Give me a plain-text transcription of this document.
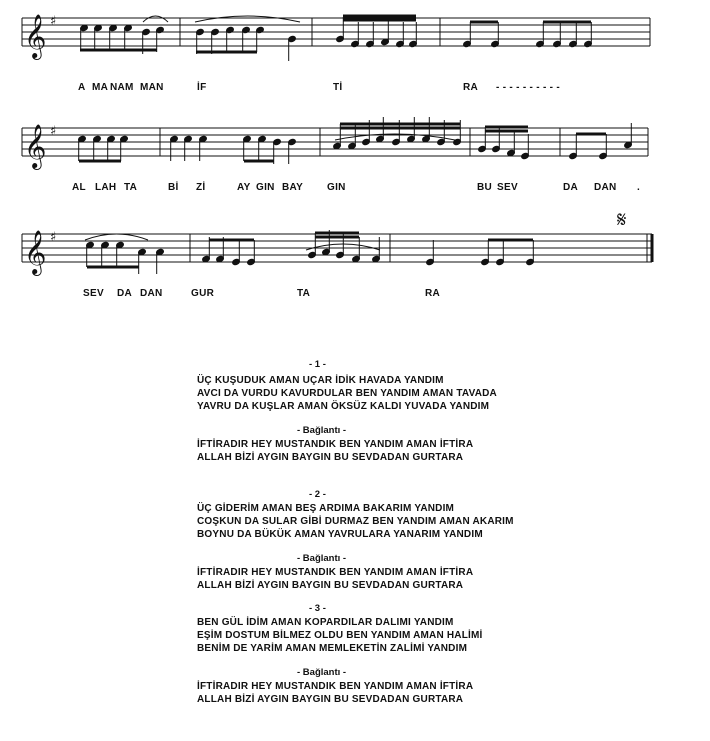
𝄞
𝄞
𝄞
♯
♯
♯
𝄋
A MA NAM MAN	İF	Tİ	RA - - - - - - - - - -
AL LAH TA	Bİ Zİ	AY GIN BAY GIN	BU SEV	DA DAN .
SEV DA DAN	GUR	TA	RA
- 1 -
ÜÇ KUŞUDUK AMAN UÇAR İDİK HAVADA YANDIM
AVCI DA VURDU KAVURDULAR BEN YANDIM AMAN TAVADA
YAVRU DA KUŞLAR AMAN ÖKSÜZ KALDI YUVADA YANDIM
- Bağlantı -
İFTİRADIR HEY MUSTANDIK BEN YANDIM AMAN İFTİRA
ALLAH BİZİ AYGIN BAYGIN BU SEVDADAN GURTARA
- 2 -
ÜÇ GİDERİM AMAN BEŞ ARDIMA BAKARIM YANDIM
COŞKUN DA SULAR GİBİ DURMAZ BEN YANDIM AMAN AKARIM
BOYNU DA BÜKÜK AMAN YAVRULARA YANARIM YANDIM
- Bağlantı -
İFTİRADIR HEY MUSTANDIK BEN YANDIM AMAN İFTİRA
ALLAH BİZİ AYGIN BAYGIN BU SEVDADAN GURTARA
- 3 -
BEN GÜL İDİM AMAN KOPARDILAR DALIMI YANDIM
EŞİM DOSTUM BİLMEZ OLDU BEN YANDIM AMAN HALİMİ
BENİM DE YARİM AMAN MEMLEKETİN ZALİMİ YANDIM
- Bağlantı -
İFTİRADIR HEY MUSTANDIK BEN YANDIM AMAN İFTİRA
ALLAH BİZİ AYGIN BAYGIN BU SEVDADAN GURTARA
